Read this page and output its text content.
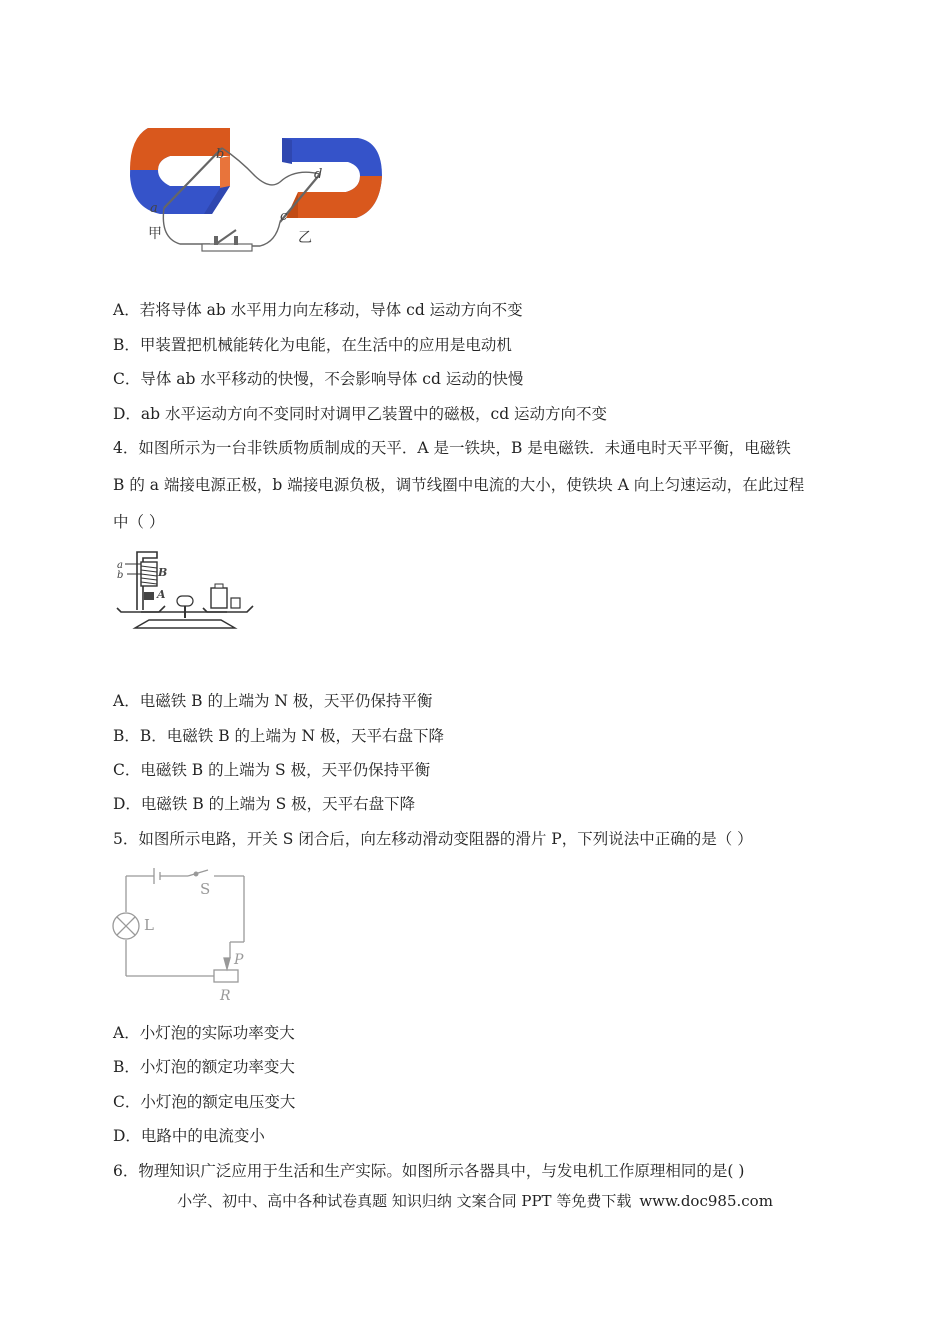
b
a
d
c
甲	乙
A．若将导体 ab 水平用力向左移动，导体 cd 运动方向不变
B．甲装置把机械能转化为电能，在生活中的应用是电动机
C．导体 ab 水平移动的快慢，不会影响导体 cd 运动的快慢
D．ab 水平运动方向不变同时对调甲乙装置中的磁极，cd 运动方向不变
4．如图所示为一台非铁质物质制成的天平．A 是一铁块，B 是电磁铁．未通电时天平平衡，电磁铁
B 的 a 端接电源正极，b 端接电源负极，调节线圈中电流的大小，使铁块 A 向上匀速运动，在此过程
中（ ）
a
b	B
A
A．电磁铁 B 的上端为 N 极，天平仍保持平衡
B．B．电磁铁 B 的上端为 N 极，天平右盘下降
C．电磁铁 B 的上端为 S 极，天平仍保持平衡
D．电磁铁 B 的上端为 S 极，天平右盘下降
5．如图所示电路，开关 S 闭合后，向左移动滑动变阻器的滑片 P，下列说法中正确的是（ ）
S
L
P
R
A．小灯泡的实际功率变大
B．小灯泡的额定功率变大
C．小灯泡的额定电压变大
D．电路中的电流变小
6．物理知识广泛应用于生活和生产实际。如图所示各器具中，与发电机工作原理相同的是( )
小学、初中、高中各种试卷真题 知识归纳 文案合同 PPT 等免费下载 www.doc985.com
